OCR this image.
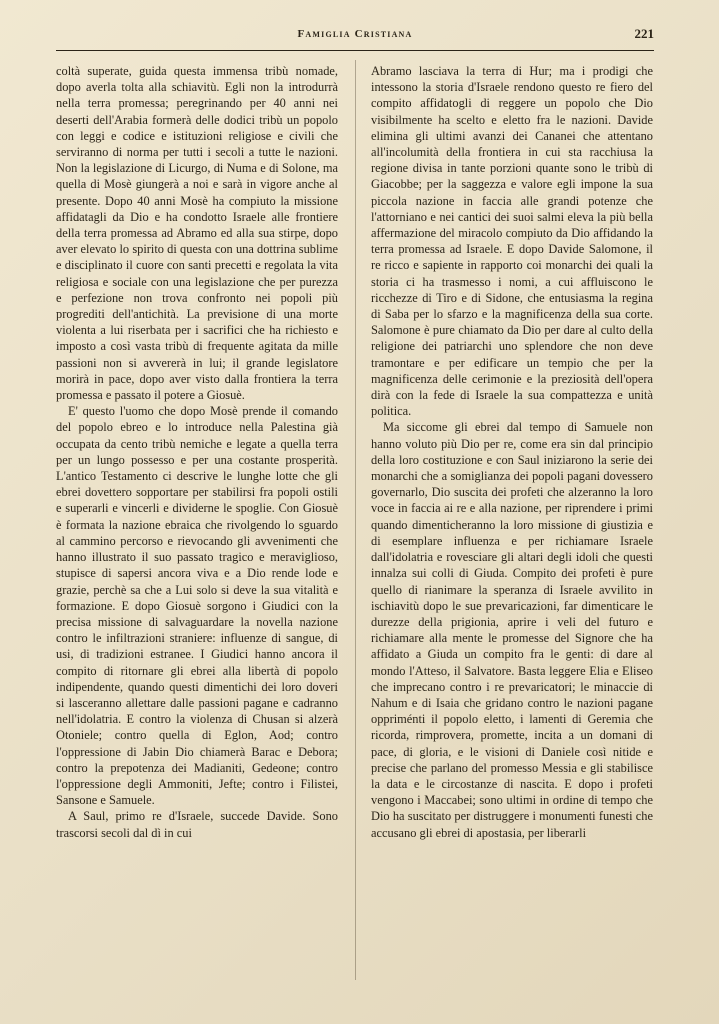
Famiglia Cristiana	221

coltà superate, guida questa immensa tribù nomade, dopo averla tolta alla schiavitù. Egli non la introdurrà nella terra promessa; peregrinando per 40 anni nei deserti dell'Arabia formerà delle dodici tribù un popolo con leggi e codice e istituzioni religiose e civili che serviranno di norma per tutti i secoli a tutte le nazioni. Non la legislazione di Licurgo, di Numa e di Solone, ma quella di Mosè giungerà a noi e sarà in vigore anche al presente. Dopo 40 anni Mosè ha compiuto la missione affidatagli da Dio e ha condotto Israele alle frontiere della terra promessa ad Abramo ed alla sua stirpe, dopo aver elevato lo spirito di questa con una dottrina sublime e disciplinato il cuore con santi precetti e regolata la vita religiosa e sociale con una legislazione che per purezza e perfezione non trova confronto nei popoli più progrediti dell'antichità. La previsione di una morte violenta a lui riserbata per i sacrifici che ha richiesto e imposto a così vasta tribù di frequente agitata da mille passioni non si avvererà in lui; il grande legislatore morirà in pace, dopo aver visto dalla frontiera la terra promessa e passato il potere a Giosuè.

E' questo l'uomo che dopo Mosè prende il comando del popolo ebreo e lo introduce nella Palestina già occupata da cento tribù nemiche e legate a quella terra per un lungo possesso e per una costante prosperità. L'antico Testamento ci descrive le lunghe lotte che gli ebrei dovettero sopportare per stabilirsi fra popoli ostili e superarli e vincerli e dividerne le spoglie. Con Giosuè è formata la nazione ebraica che rivolgendo lo sguardo al cammino percorso e rievocando gli avvenimenti che hanno illustrato il suo passato tragico e meraviglioso, stupisce di sapersi ancora viva e a Dio rende lode e grazie, perchè sa che a Lui solo si deve la sua vitalità e formazione. E dopo Giosuè sorgono i Giudici con la precisa missione di salvaguardare la novella nazione contro le infiltrazioni straniere: influenze di sangue, di usi, di tradizioni estranee. I Giudici hanno ancora il compito di ritornare gli ebrei alla libertà di popolo indipendente, quando questi dimentichi dei loro doveri si lasceranno allettare dalle passioni pagane e cadranno nell'idolatria. E contro la violenza di Chusan si alzerà Otoniele; contro quella di Eglon, Aod; contro l'oppressione di Jabin Dio chiamerà Barac e Debora; contro la prepotenza dei Madianiti, Gedeone; contro l'oppressione degli Ammoniti, Jefte; contro i Filistei, Sansone e Samuele.

A Saul, primo re d'Israele, succede Davide. Sono trascorsi secoli dal dì in cui

Abramo lasciava la terra di Hur; ma i prodigi che intessono la storia d'Israele rendono questo re fiero del compito affidatogli di reggere un popolo che Dio visibilmente ha scelto e eletto fra le nazioni. Davide elimina gli ultimi avanzi dei Cananei che attentano all'incolumità della frontiera in cui sta racchiusa la regione divisa in tante porzioni quante sono le tribù di Giacobbe; per la saggezza e valore egli impone la sua piccola nazione in faccia alle grandi potenze che l'attorniano e nei cantici dei suoi salmi eleva la più bella affermazione del miracolo compiuto da Dio affidando la terra promessa ad Israele. E dopo Davide Salomone, il re ricco e sapiente in rapporto coi monarchi dei quali la storia ci ha trasmesso i nomi, a cui affluiscono le ricchezze di Tiro e di Sidone, che entusiasma la regina di Saba per lo sfarzo e la magnificenza della sua corte. Salomone è pure chiamato da Dio per dare al culto della religione dei patriarchi uno splendore che non deve tramontare e per edificare un tempio che per la magnificenza delle cerimonie e la preziosità dell'opera dirà con la fede di Israele la sua compattezza e unità politica.

Ma siccome gli ebrei dal tempo di Samuele non hanno voluto più Dio per re, come era sin dal principio della loro costituzione e con Saul iniziarono la serie dei monarchi che a somiglianza dei popoli pagani dovessero governarlo, Dio suscita dei profeti che alzeranno la loro voce in faccia ai re e alla nazione, per riprendere i primi quando dimenticheranno la loro missione di giustizia e di esemplare influenza e per richiamare Israele dall'idolatria e rovesciare gli altari degli idoli che questi innalza sui colli di Giuda. Compito dei profeti è pure quello di rianimare la speranza di Israele avvilito in ischiavitù dopo le sue prevaricazioni, far dimenticare le durezze della prigionia, aprire i veli del futuro e richiamare alla mente le promesse del Signore che ha affidato a Giuda un compito fra le genti: di dare al mondo l'Atteso, il Salvatore. Basta leggere Elia e Eliseo che imprecano contro i re prevaricatori; le minaccie di Nahum e di Isaia che gridano contro le nazioni pagane oppriménti il popolo eletto, i lamenti di Geremia che ricorda, rimprovera, promette, incita a un domani di pace, di gloria, e le visioni di Daniele così nitide e precise che parlano del promesso Messia e gli stabilisce la data e le circostanze di nascita. E dopo i profeti vengono i Maccabei; sono ultimi in ordine di tempo che Dio ha suscitato per distruggere i monumenti funesti che accusano gli ebrei di apostasia, per liberarli
